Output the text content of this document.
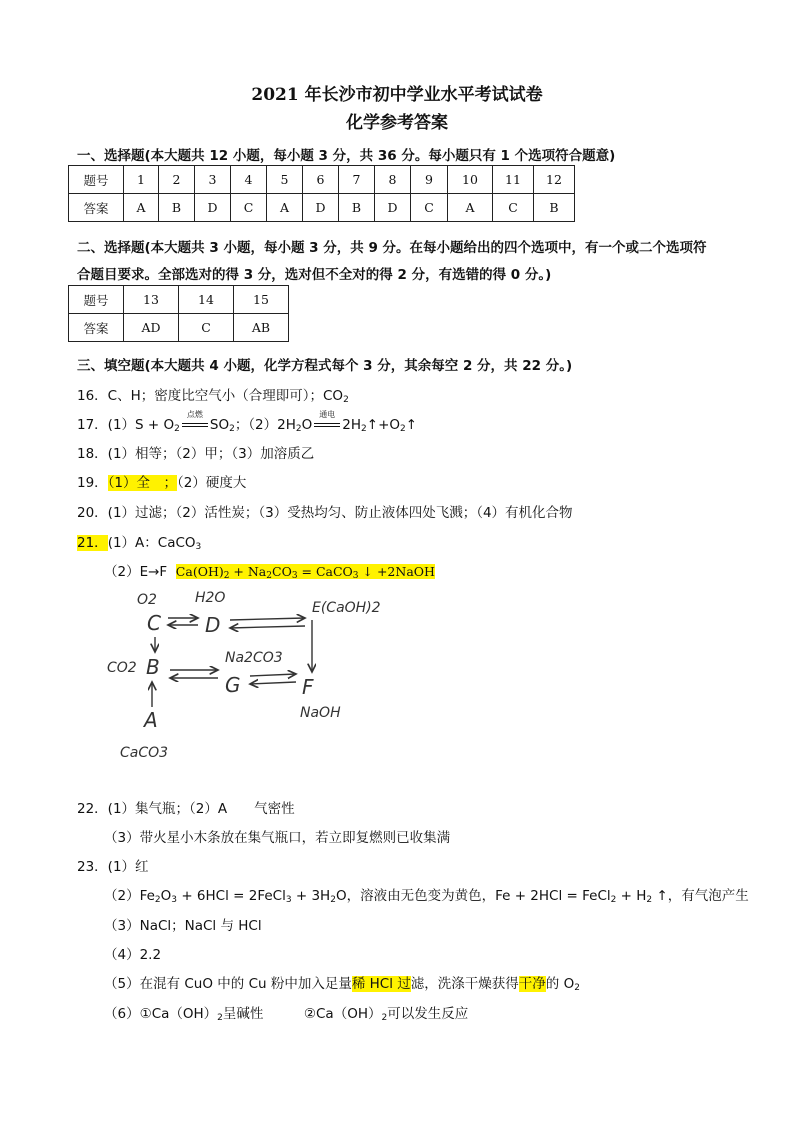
2021 年长沙市初中学业水平考试试卷
化学参考答案
一、选择题(本大题共 12 小题，每小题 3 分，共 36 分。每小题只有 1 个选项符合题意)
题号	1	2	3	4	5	6	7	8	9	10	11	12
答案	A	B	D	C	A	D	B	D	C	A	C	B
二、选择题(本大题共 3 小题，每小题 3 分，共 9 分。在每小题给出的四个选项中，有一个或二个选项符
合题目要求。全部选对的得 3 分，选对但不全对的得 2 分，有选错的得 0 分。)
题号	13	14	15
答案	AD	C	AB
三、填空题(本大题共 4 小题，化学方程式每个 3 分，其余每空 2 分，共 22 分。)
16．C、H；密度比空气小（合理即可）；$CO_2$
17．$(1)S + O_2$
点燃
$SO_2$；$(2)2H_2O$
通电
$2H_2↑+O_2↑$
18．(1）相等；（2）甲；（3）加溶质乙
19．（1）全　；（2）硬度大
20．(1）过滤；（2）活性炭；（3）受热均匀、防止液体四处飞溅；（4）有机化合物
21．(1）A：CaCO$_3$
（2）E→F $Ca(OH)_2 + Na_2CO_3$ = CaCO$_3$ ↓ +2NaOH
O2	H2O
C D
E(CaOH)2
CO2 B	Na2CO3
G	F
NaOH
A
CaCO3
22．(1）集气瓶；（2）A　　气密性
（3）带火星小木条放在集气瓶口，若立即复燃则已收集满
23．(1）红
$(2)Fe_2O_3 + 6HCl$ = 2FeCl$_3$ + $3H_2O$，溶液由无色变为黄色，Fe + 2HCl = FeCl$_2$ + $H_2$ ↑，有气泡产生
（3）NaCl；NaCl 与 HCl
（4）2.2
（5）在混有 CuO 中的 Cu 粉中加入足量稀 HCl 过滤，洗涤干燥获得干净的 $O_2$
$(6)①Ca(OH)_2$呈碱性　　　$②Ca(OH)_2$可以发生反应
